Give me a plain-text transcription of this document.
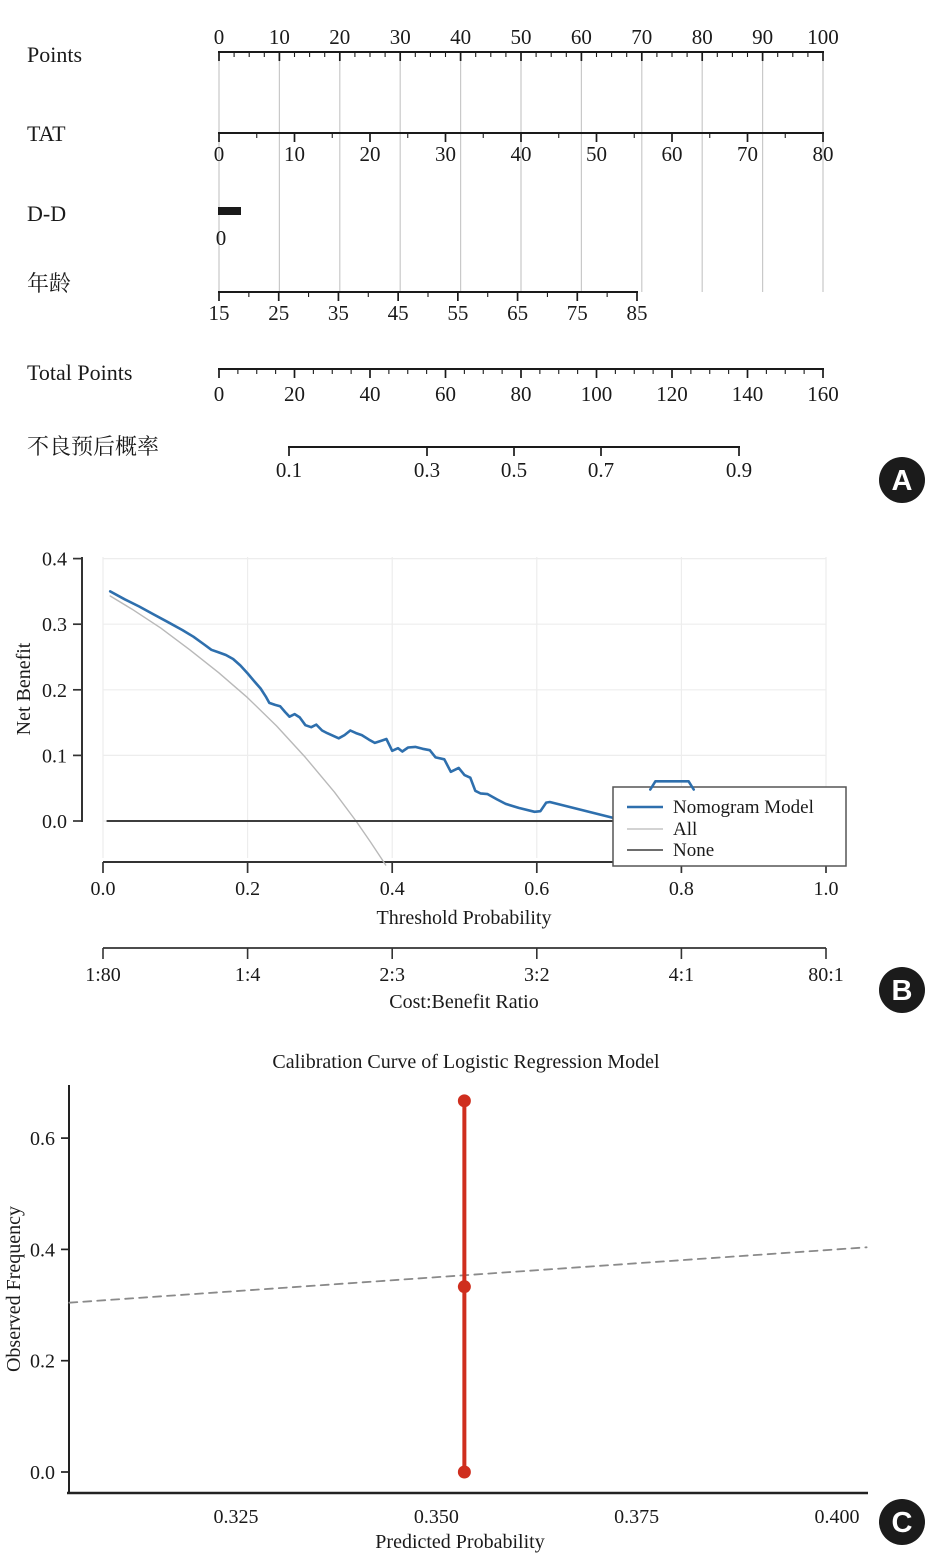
0 10 20 30 40 50 60 70 80 90 100
0	10	20	30	40	50	60	70	80
0
15 25 35 45 55 65 75 85
0	20	40	60	80 100 120 140 160
0.1	0.3	0.5	0.7	0.9
0.0
0.1
0.2
0.3
0.4
0.0	0.2	0.4	0.6	0.8	1.0
1:80	1:4	2:3	3:2	4:1	80:1
0.0
0.2
0.4
0.6
0.325	0.350	0.375	0.400
Nomogram Model
All
None
Points
TAT
D-D
年龄
Total Points
不良预后概率
Threshold Probability
Net Benefit
Cost:Benefit Ratio
Calibration Curve of Logistic Regression Model
Predicted Probability
Observed Frequency
A
B
C
